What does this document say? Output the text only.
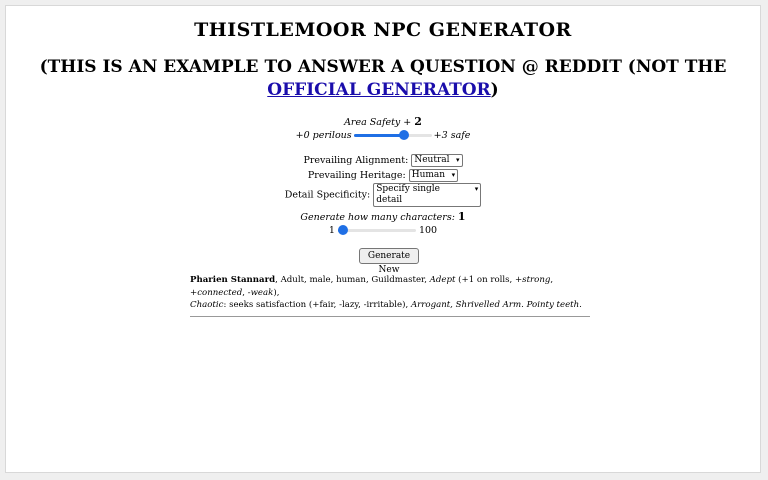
THISTLEMOOR NPC GENERATOR
(THIS IS AN EXAMPLE TO ANSWER A QUESTION @ REDDIT (NOT THE
OFFICIAL GENERATOR)
Area Safety + 2
+0 perilous	+3 safe
Prevailing Alignment: Neutral ▾
Prevailing Heritage: Human ▾
Detail Specificity: Specify single detail
▾
Generate how many characters: 1
1	100
Generate New
Pharien Stannard, Adult, male, human, Guildmaster, Adept (+1 on rolls, +strong, +connected, -weak),
Chaotic: seeks satisfaction (+fair, -lazy, -irritable), Arrogant, Shrivelled Arm. Pointy teeth.
